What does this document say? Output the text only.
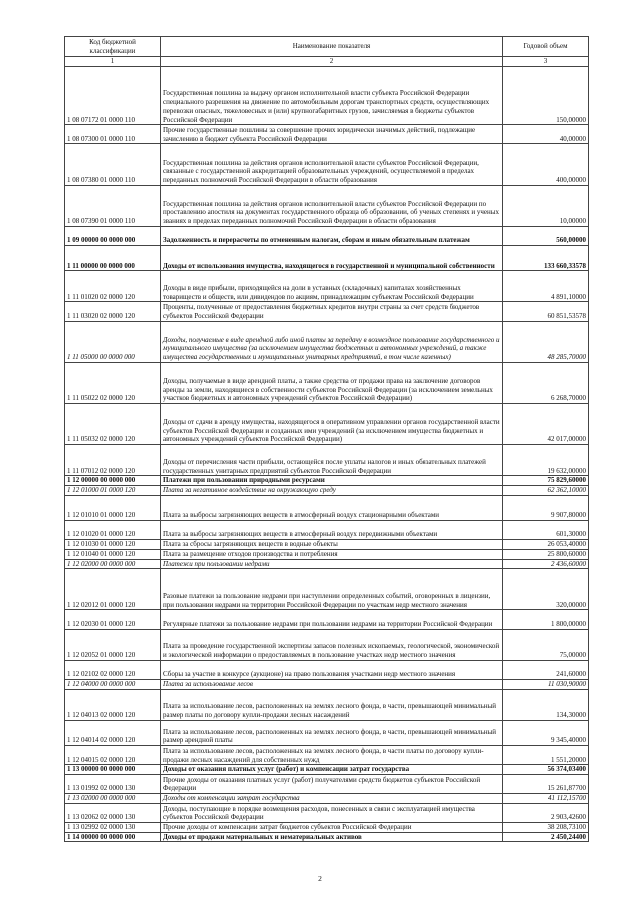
Код бюджетной классификации	Наименование показателя	Годовой объем
1	2	3
1 08 07172 01 0000 110	Государственная пошлина за выдачу органом исполнительной власти субъекта Российской Федерации специального разрешения на движение по автомобильным дорогам транспортных средств, осуществляющих перевозки опасных, тяжеловесных и (или) крупногабаритных грузов, зачисляемая в бюджеты субъектов Российской Федерации	150,00000
1 08 07300 01 0000 110	Прочие государственные пошлины за совершение прочих юридически значимых действий, подлежащие зачислению в бюджет субъекта Российской Федерации	40,00000
1 08 07380 01 0000 110	Государственная пошлина за действия органов исполнительной власти субъектов Российской Федерации, связанные с государственной аккредитацией образовательных учреждений, осуществляемой в пределах переданных полномочий Российской Федерации в области образования	400,00000
1 08 07390 01 0000 110	Государственная пошлина за действия органов исполнительной власти субъектов Российской Федерации по проставлению апостиля на документах государственного образца об образовании, об ученых степенях и ученых званиях в пределах переданных полномочий Российской Федерации в области образования	10,00000
1 09 00000 00 0000 000	Задолженность и перерасчеты по отмененным налогам, сборам и иным обязательным платежам	560,00000
1 11 00000 00 0000 000	Доходы от использования имущества, находящегося в государственной и муниципальной собственности	133 660,33578
1 11 01020 02 0000 120	Доходы в виде прибыли, приходящейся на доли в уставных (складочных) капиталах хозяйственных товариществ и обществ, или дивидендов по акциям, принадлежащим субъектам Российской Федерации	4 891,10000
1 11 03020 02 0000 120	Проценты, полученные от предоставления бюджетных кредитов внутри страны за счет средств бюджетов субъектов Российской Федерации	60 851,53578
1 11 05000 00 0000 000	Доходы, получаемые в виде арендной либо иной платы за передачу в возмездное пользование государственного и муниципального имущества (за исключением имущества бюджетных и автономных учреждений, а также имущества государственных и муниципальных унитарных предприятий, в том числе казенных)	48 285,70000
1 11 05022 02 0000 120	Доходы, получаемые в виде арендной платы, а также средства от продажи права на заключение договоров аренды за земли, находящиеся в собственности субъектов Российской Федерации (за исключением земельных участков бюджетных и автономных учреждений субъектов Российской Федерации)	6 268,70000
1 11 05032 02 0000 120	Доходы от сдачи в аренду имущества, находящегося в оперативном управлении органов государственной власти субъектов Российской Федерации и созданных ими учреждений (за исключением имущества бюджетных и автономных учреждений субъектов Российской Федерации)	42 017,00000
1 11 07012 02 0000 120	Доходы от перечисления части прибыли, остающейся после уплаты налогов и иных обязательных платежей государственных унитарных предприятий субъектов Российской Федерации	19 632,00000
1 12 00000 00 0000 000	Платежи при пользовании природными ресурсами	75 829,60000
1 12 01000 01 0000 120	Плата за негативное воздействие на окружающую среду	62 362,10000
1 12 01010 01 0000 120	Плата за выбросы загрязняющих веществ в атмосферный воздух стационарными объектами	9 907,80000
1 12 01020 01 0000 120	Плата за выбросы загрязняющих веществ в атмосферный воздух передвижными объектами	601,30000
1 12 01030 01 0000 120	Плата за сбросы загрязняющих веществ в водные объекты	26 053,40000
1 12 01040 01 0000 120	Плата за размещение отходов производства и потребления	25 800,60000
1 12 02000 00 0000 000	Платежи при пользовании недрами	2 436,60000
1 12 02012 01 0000 120	Разовые платежи за пользование недрами при наступлении определенных событий, оговоренных в лицензии, при пользовании недрами на территории Российской Федерации по участкам недр местного значения	320,00000
1 12 02030 01 0000 120	Регулярные платежи за пользование недрами при пользовании недрами на территории Российской Федерации	1 800,00000
1 12 02052 01 0000 120	Плата за проведение государственной экспертизы запасов полезных ископаемых, геологической, экономической и экологической информации о предоставляемых в пользование участках недр местного значения	75,00000
1 12 02102 02 0000 120	Сборы за участие в конкурсе (аукционе) на право пользования участками недр местного значения	241,60000
1 12 04000 00 0000 000	Плата за использование лесов	11 030,90000
1 12 04013 02 0000 120	Плата за использование лесов, расположенных на землях лесного фонда, в части, превышающей минимальный размер платы по договору купли-продажи лесных насаждений	134,30000
1 12 04014 02 0000 120	Плата за использование лесов, расположенных на землях лесного фонда, в части, превышающей минимальный размер арендной платы	9 345,40000
1 12 04015 02 0000 120	Плата за использование лесов, расположенных на землях лесного фонда, в части платы по договору купли-продажи лесных насаждений для собственных нужд	1 551,20000
1 13 00000 00 0000 000	Доходы от оказания платных услуг (работ) и компенсации затрат государства	56 374,03400
1 13 01992 02 0000 130	Прочие доходы от оказания платных услуг (работ) получателями средств бюджетов субъектов Российской Федерации	15 261,87700
1 13 02000 00 0000 000	Доходы от компенсации затрат государства	41 112,15700
1 13 02062 02 0000 130	Доходы, поступающие в порядке возмещения расходов, понесенных в связи с эксплуатацией имущества субъектов Российской Федерации	2 903,42600
1 13 02992 02 0000 130	Прочие доходы от компенсации затрат бюджетов субъектов Российской Федерации	38 208,73100
1 14 00000 00 0000 000	Доходы от продажи материальных и нематериальных активов	2 450,24400
2
